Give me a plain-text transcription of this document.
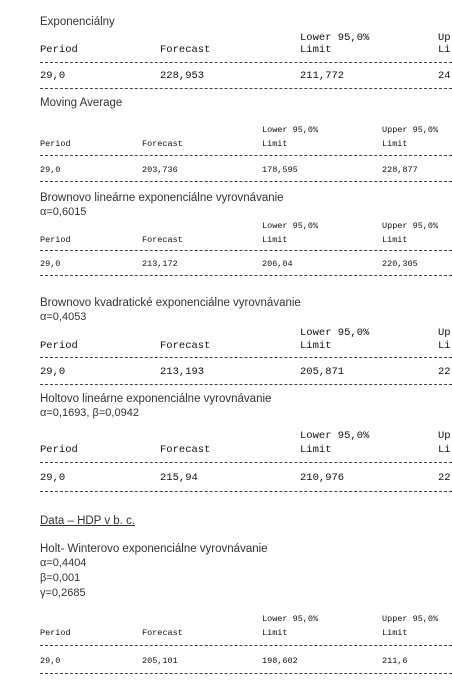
Exponenciálny
Lower 95,0%	Up
Period	Forecast	Limit	Li
29,0	228,953	211,772	24
Moving Average
Lower 95,0%	Upper 95,0%
Period	Forecast	Limit	Limit
29,0	203,736	178,595	228,877
Brownovo lineárne exponenciálne vyrovnávanie
α=0,6015
Lower 95,0%	Upper 95,0%
Period	Forecast	Limit	Limit
29,0	213,172	206,04	220,305
Brownovo kvadratické exponenciálne vyrovnávanie
α=0,4053
Lower 95,0%	Up
Period	Forecast	Limit	Li
29,0	213,193	205,871	22
Holtovo lineárne exponenciálne vyrovnávanie
α=0,1693, β=0,0942
Lower 95,0%	Up
Period	Forecast	Limit	Li
29,0	215,94	210,976	22
Data – HDP v b. c.
Holt- Winterovo exponenciálne vyrovnávanie
α=0,4404
β=0,001
γ=0,2685
Lower 95,0%	Upper 95,0%
Period	Forecast	Limit	Limit
29,0	205,101	198,602	211,6
